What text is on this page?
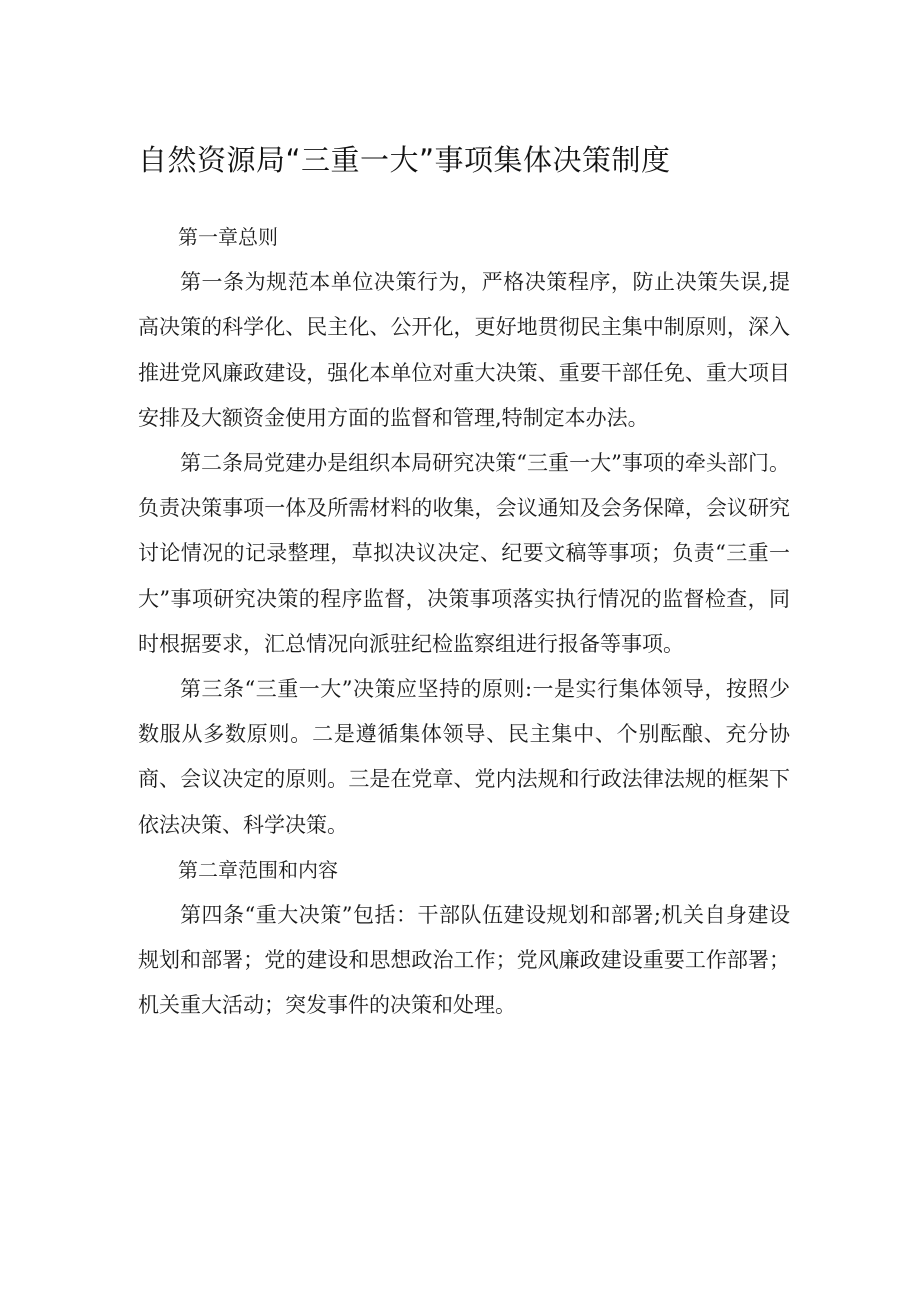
自然资源局“三重一大”事项集体决策制度

第一章总则

第一条为规范本单位决策行为，严格决策程序，防止决策失误,提高决策的科学化、民主化、公开化，更好地贯彻民主集中制原则，深入推进党风廉政建设，强化本单位对重大决策、重要干部任免、重大项目安排及大额资金使用方面的监督和管理,特制定本办法。

第二条局党建办是组织本局研究决策“三重一大”事项的牵头部门。负责决策事项一体及所需材料的收集，会议通知及会务保障，会议研究讨论情况的记录整理，草拟决议决定、纪要文稿等事项；负责“三重一大”事项研究决策的程序监督，决策事项落实执行情况的监督检查，同时根据要求，汇总情况向派驻纪检监察组进行报备等事项。

第三条“三重一大”决策应坚持的原则:一是实行集体领导，按照少数服从多数原则。二是遵循集体领导、民主集中、个别酝酿、充分协商、会议决定的原则。三是在党章、党内法规和行政法律法规的框架下依法决策、科学决策。

第二章范围和内容

第四条“重大决策”包括：干部队伍建设规划和部署;机关自身建设规划和部署；党的建设和思想政治工作；党风廉政建设重要工作部署；机关重大活动；突发事件的决策和处理。
